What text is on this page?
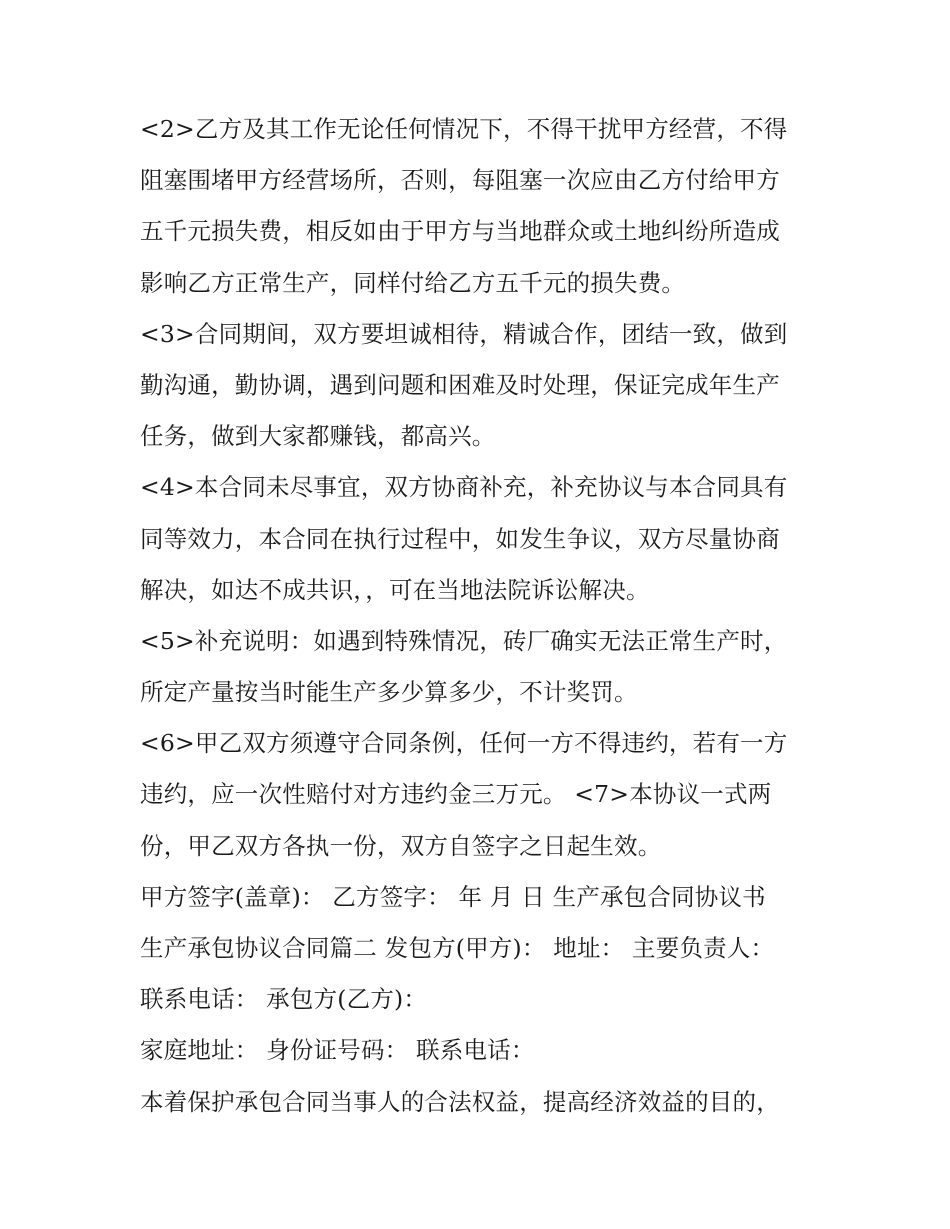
<2>乙方及其工作无论任何情况下，不得干扰甲方经营，不得
阻塞围堵甲方经营场所，否则，每阻塞一次应由乙方付给甲方
五千元损失费，相反如由于甲方与当地群众或土地纠纷所造成
影响乙方正常生产，同样付给乙方五千元的损失费。
<3>合同期间，双方要坦诚相待，精诚合作，团结一致，做到
勤沟通，勤协调，遇到问题和困难及时处理，保证完成年生产
任务，做到大家都赚钱，都高兴。
<4>本合同未尽事宜，双方协商补充，补充协议与本合同具有
同等效力，本合同在执行过程中，如发生争议，双方尽量协商
解决，如达不成共识，，可在当地法院诉讼解决。
<5>补充说明：如遇到特殊情况，砖厂确实无法正常生产时，
所定产量按当时能生产多少算多少，不计奖罚。
<6>甲乙双方须遵守合同条例，任何一方不得违约，若有一方
违约，应一次性赔付对方违约金三万元。 <7>本协议一式两
份，甲乙双方各执一份，双方自签字之日起生效。
甲方签字(盖章)： 乙方签字： 年 月 日 生产承包合同协议书
生产承包协议合同篇二 发包方(甲方)： 地址： 主要负责人：
联系电话： 承包方(乙方)：
家庭地址： 身份证号码： 联系电话：
本着保护承包合同当事人的合法权益，提高经济效益的目的，
